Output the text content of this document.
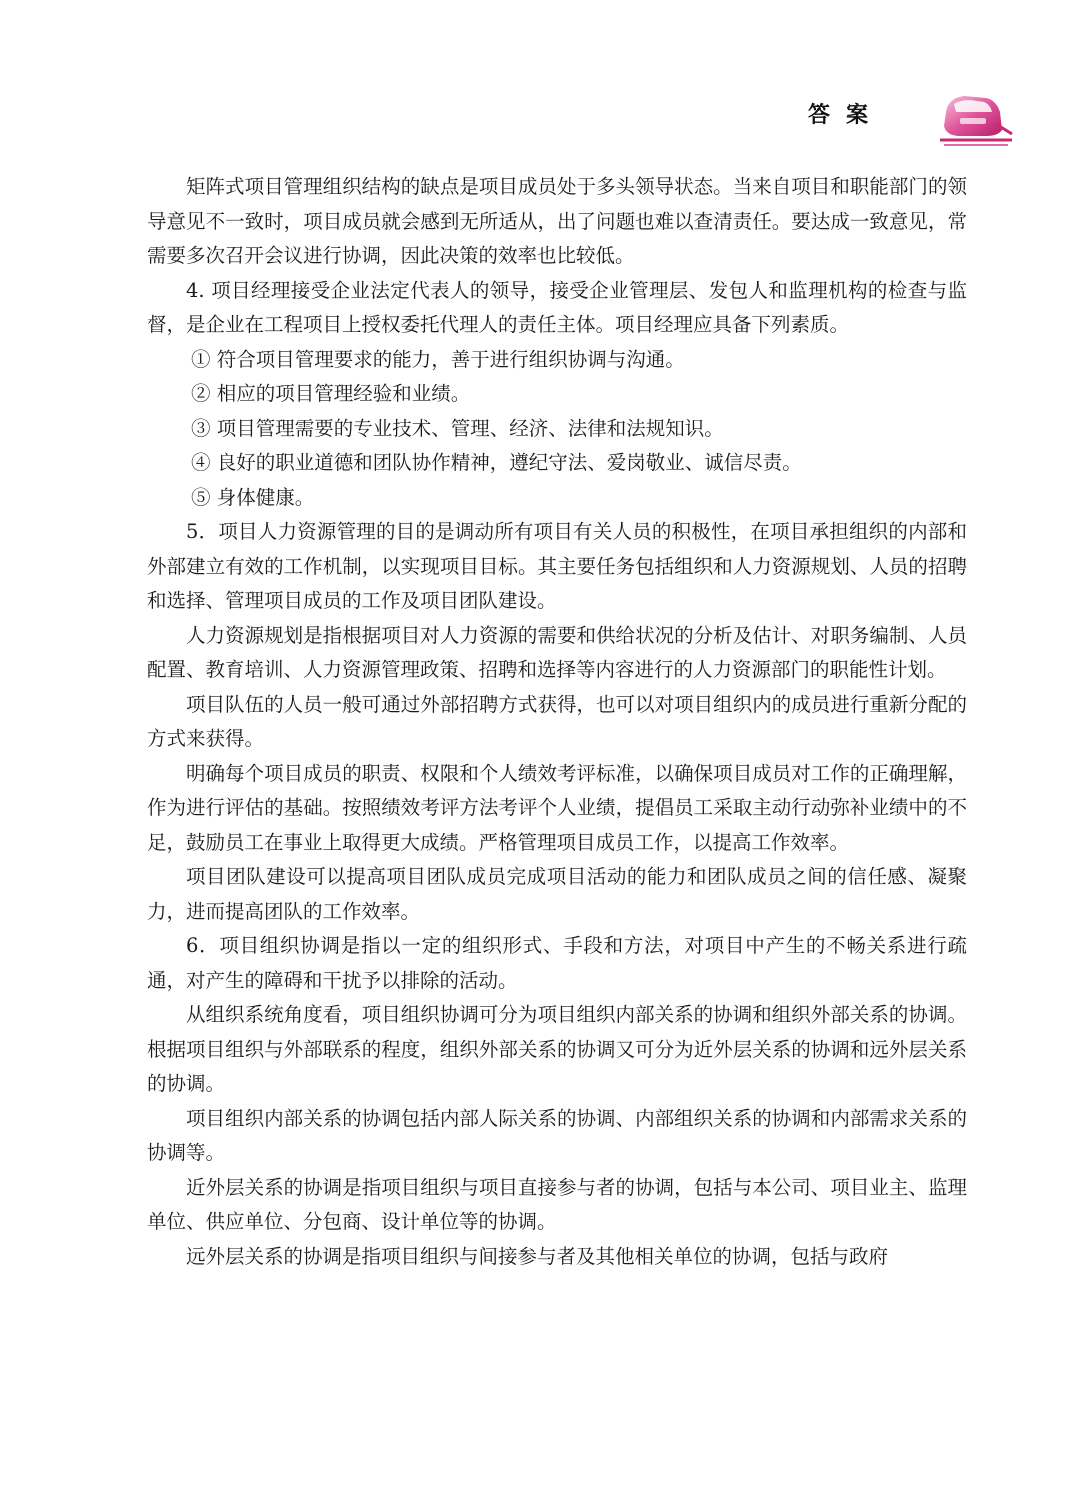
答案

矩阵式项目管理组织结构的缺点是项目成员处于多头领导状态。当来自项目和职能部门的领导意见不一致时，项目成员就会感到无所适从，出了问题也难以查清责任。要达成一致意见，常需要多次召开会议进行协调，因此决策的效率也比较低。

4. 项目经理接受企业法定代表人的领导，接受企业管理层、发包人和监理机构的检查与监督，是企业在工程项目上授权委托代理人的责任主体。项目经理应具备下列素质。

① 符合项目管理要求的能力，善于进行组织协调与沟通。

② 相应的项目管理经验和业绩。

③ 项目管理需要的专业技术、管理、经济、法律和法规知识。

④ 良好的职业道德和团队协作精神，遵纪守法、爱岗敬业、诚信尽责。

⑤ 身体健康。

5．项目人力资源管理的目的是调动所有项目有关人员的积极性，在项目承担组织的内部和外部建立有效的工作机制，以实现项目目标。其主要任务包括组织和人力资源规划、人员的招聘和选择、管理项目成员的工作及项目团队建设。

人力资源规划是指根据项目对人力资源的需要和供给状况的分析及估计、对职务编制、人员配置、教育培训、人力资源管理政策、招聘和选择等内容进行的人力资源部门的职能性计划。

项目队伍的人员一般可通过外部招聘方式获得，也可以对项目组织内的成员进行重新分配的方式来获得。

明确每个项目成员的职责、权限和个人绩效考评标准，以确保项目成员对工作的正确理解，作为进行评估的基础。按照绩效考评方法考评个人业绩，提倡员工采取主动行动弥补业绩中的不足，鼓励员工在事业上取得更大成绩。严格管理项目成员工作，以提高工作效率。

项目团队建设可以提高项目团队成员完成项目活动的能力和团队成员之间的信任感、凝聚力，进而提高团队的工作效率。

6．项目组织协调是指以一定的组织形式、手段和方法，对项目中产生的不畅关系进行疏通，对产生的障碍和干扰予以排除的活动。

从组织系统角度看，项目组织协调可分为项目组织内部关系的协调和组织外部关系的协调。根据项目组织与外部联系的程度，组织外部关系的协调又可分为近外层关系的协调和远外层关系的协调。

项目组织内部关系的协调包括内部人际关系的协调、内部组织关系的协调和内部需求关系的协调等。

近外层关系的协调是指项目组织与项目直接参与者的协调，包括与本公司、项目业主、监理单位、供应单位、分包商、设计单位等的协调。

远外层关系的协调是指项目组织与间接参与者及其他相关单位的协调，包括与政府
